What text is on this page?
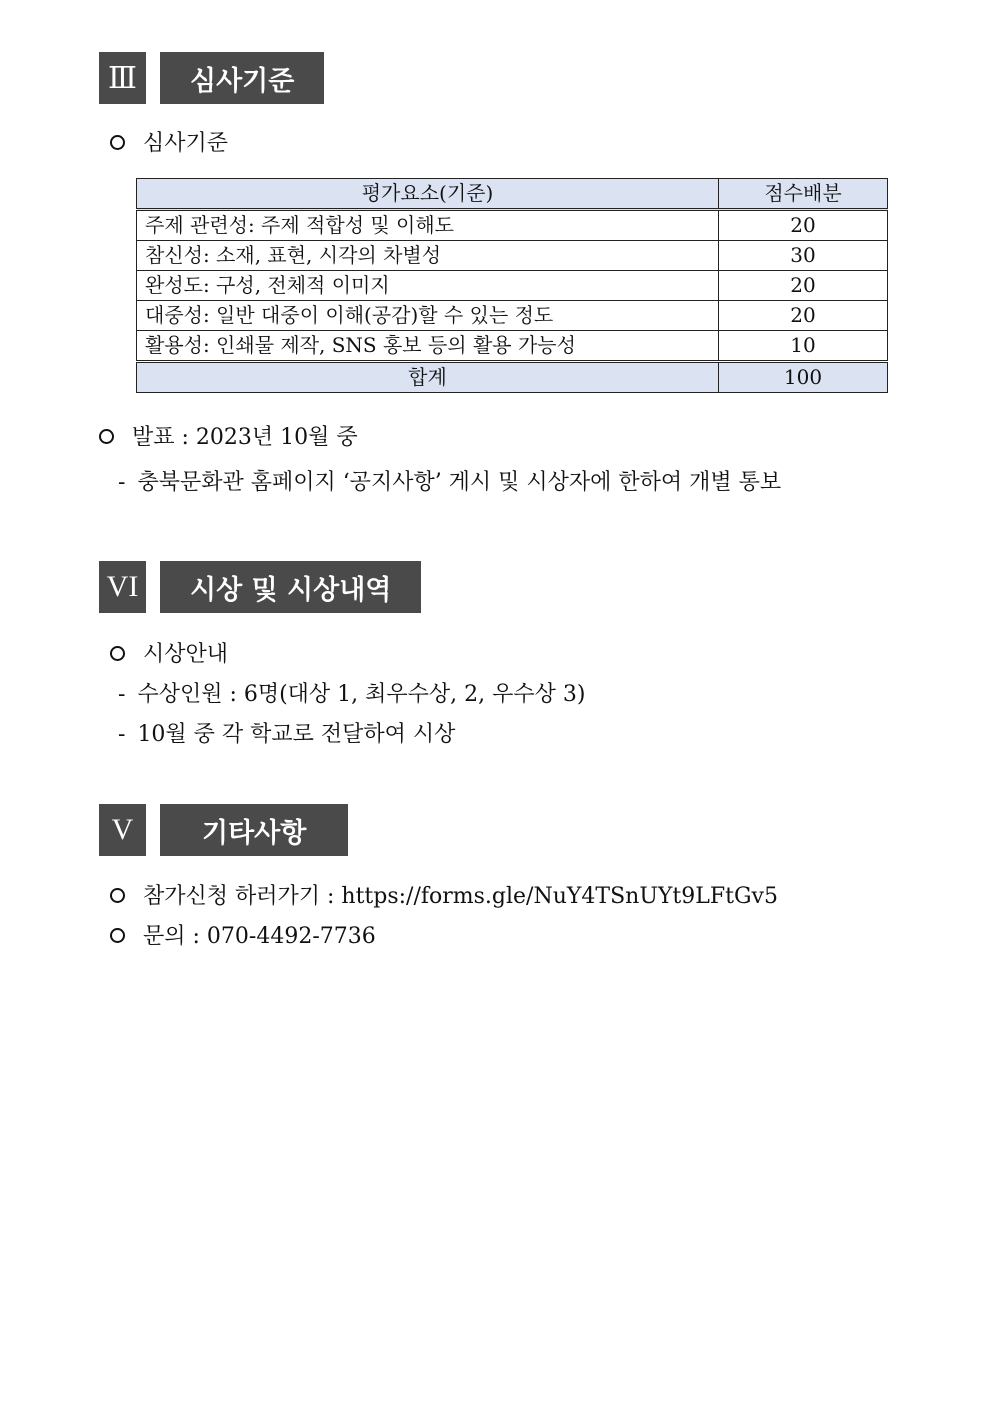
Ⅲ	심사기준
심사기준
평가요소(기준)	점수배분
주제 관련성: 주제 적합성 및 이해도	20
참신성: 소재, 표현, 시각의 차별성	30
완성도: 구성, 전체적 이미지	20
대중성: 일반 대중이 이해(공감)할 수 있는 정도	20
활용성: 인쇄물 제작, SNS 홍보 등의 활용 가능성	10
합계	100
발표 : 2023년 10월 중
- 충북문화관 홈페이지 ‘공지사항’ 게시 및 시상자에 한하여 개별 통보
VI	시상 및 시상내역
시상안내
- 수상인원 : 6명(대상 1, 최우수상, 2, 우수상 3)
- 10월 중 각 학교로 전달하여 시상
V	기타사항
참가신청 하러가기 : https://forms.gle/NuY4TSnUYt9LFtGv5
문의 : 070-4492-7736
